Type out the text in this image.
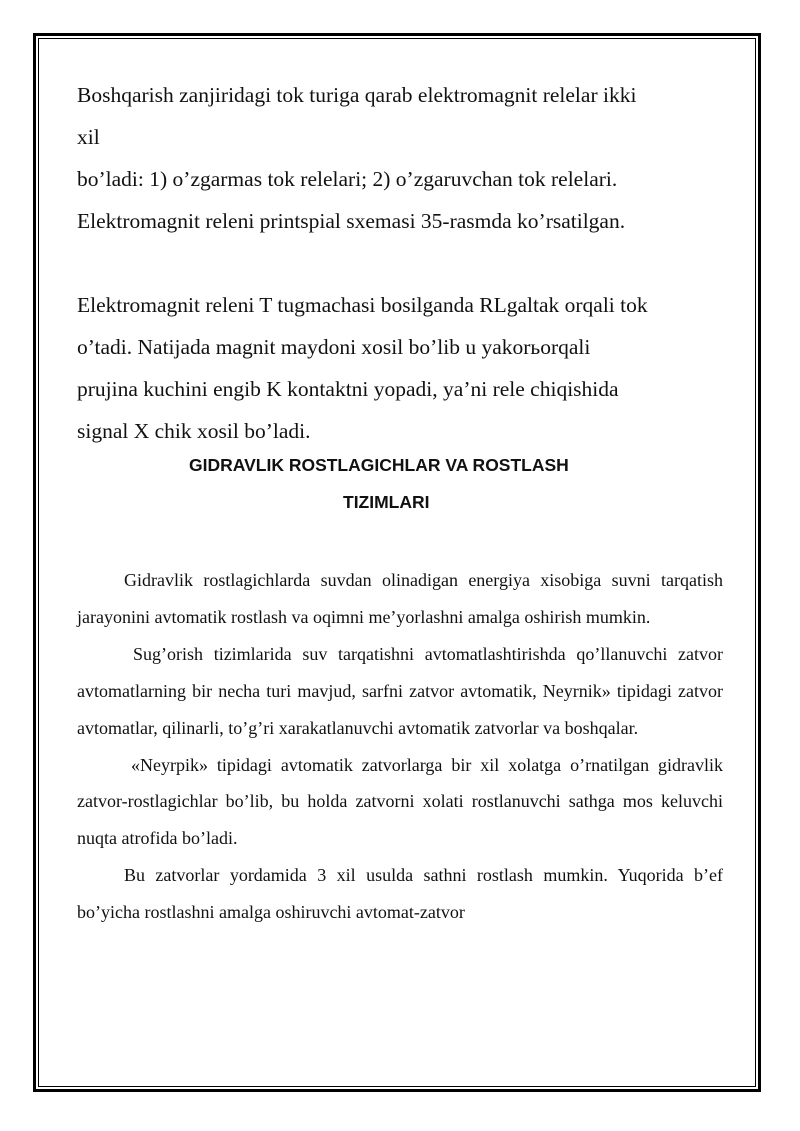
Boshqarish zanjiridagi tok turiga qarab elektromagnit relelar ikki

xil

bo’ladi: 1) o’zgarmas tok relelari; 2) o’zgaruvchan tok relelari.

Elektromagnit releni printspial sxemasi 35-rasmda ko’rsatilgan.

Elektromagnit releni T tugmachasi bosilganda RLgaltak orqali tok

o’tadi. Natijada magnit maydoni xosil bo’lib u yakorьorqali

prujina kuchini engib K kontaktni yopadi, ya’ni rele chiqishida

signal X chik xosil bo’ladi.

GIDRAVLIK ROSTLAGICHLAR VA ROSTLASH
TIZIMLARI

Gidravlik rostlagichlarda suvdan olinadigan energiya xisobiga suvni tarqatish jarayonini avtomatik rostlash va oqimni me’yorlashni amalga oshirish mumkin.

Sug’orish tizimlarida suv tarqatishni avtomatlashtirishda qo’llanuvchi zatvor avtomatlarning bir necha turi mavjud, sarfni zatvor avtomatik, Neyrnik» tipidagi zatvor avtomatlar, qilinarli, to’g’ri xarakatlanuvchi avtomatik zatvorlar va boshqalar.

«Neyrpik» tipidagi avtomatik zatvorlarga bir xil xolatga o’rnatilgan gidravlik zatvor-rostlagichlar bo’lib, bu holda zatvorni xolati rostlanuvchi sathga mos keluvchi nuqta atrofida bo’ladi.

Bu zatvorlar yordamida 3 xil usulda sathni rostlash mumkin. Yuqorida b’ef bo’yicha rostlashni amalga oshiruvchi avtomat-zatvor
